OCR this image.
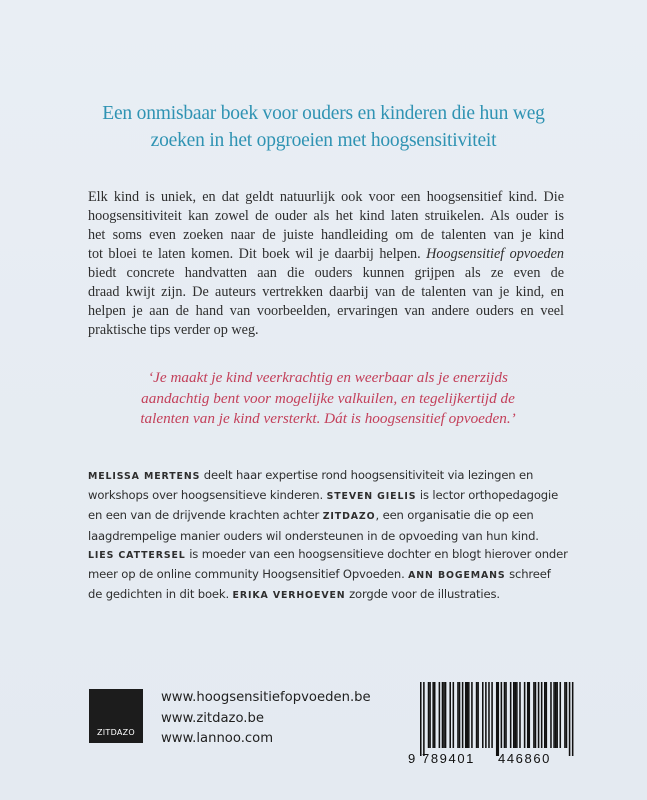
Een onmisbaar boek voor ouders en kinderen die hun weg
zoeken in het opgroeien met hoogsensitiviteit
Elk kind is uniek, en dat geldt natuurlijk ook voor een hoogsensitief kind. Die
hoogsensitiviteit kan zowel de ouder als het kind laten struikelen. Als ouder is
het soms even zoeken naar de juiste handleiding om de talenten van je kind
tot bloei te laten komen. Dit boek wil je daarbij helpen. Hoogsensitief opvoeden
biedt concrete handvatten aan die ouders kunnen grijpen als ze even de
draad kwijt zijn. De auteurs vertrekken daarbij van de talenten van je kind, en
helpen je aan de hand van voorbeelden, ervaringen van andere ouders en veel
praktische tips verder op weg.
‘Je maakt je kind veerkrachtig en weerbaar als je enerzijds
aandachtig bent voor mogelijke valkuilen, en tegelijkertijd de
talenten van je kind versterkt. Dát is hoogsensitief opvoeden.’
MELISSA MERTENS deelt haar expertise rond hoogsensitiviteit via lezingen en
workshops over hoogsensitieve kinderen. STEVEN GIELIS is lector orthopedagogie
en een van de drijvende krachten achter ZITDAZO, een organisatie die op een
laagdrempelige manier ouders wil ondersteunen in de opvoeding van hun kind.
LIES CATTERSEL is moeder van een hoogsensitieve dochter en blogt hierover onder
meer op de online community Hoogsensitief Opvoeden. ANN BOGEMANS schreef
de gedichten in dit boek. ERIKA VERHOEVEN zorgde voor de illustraties.
ZITDAZO
www.hoogsensitiefopvoeden.be
www.zitdazo.be
www.lannoo.com
9 789401 446860
